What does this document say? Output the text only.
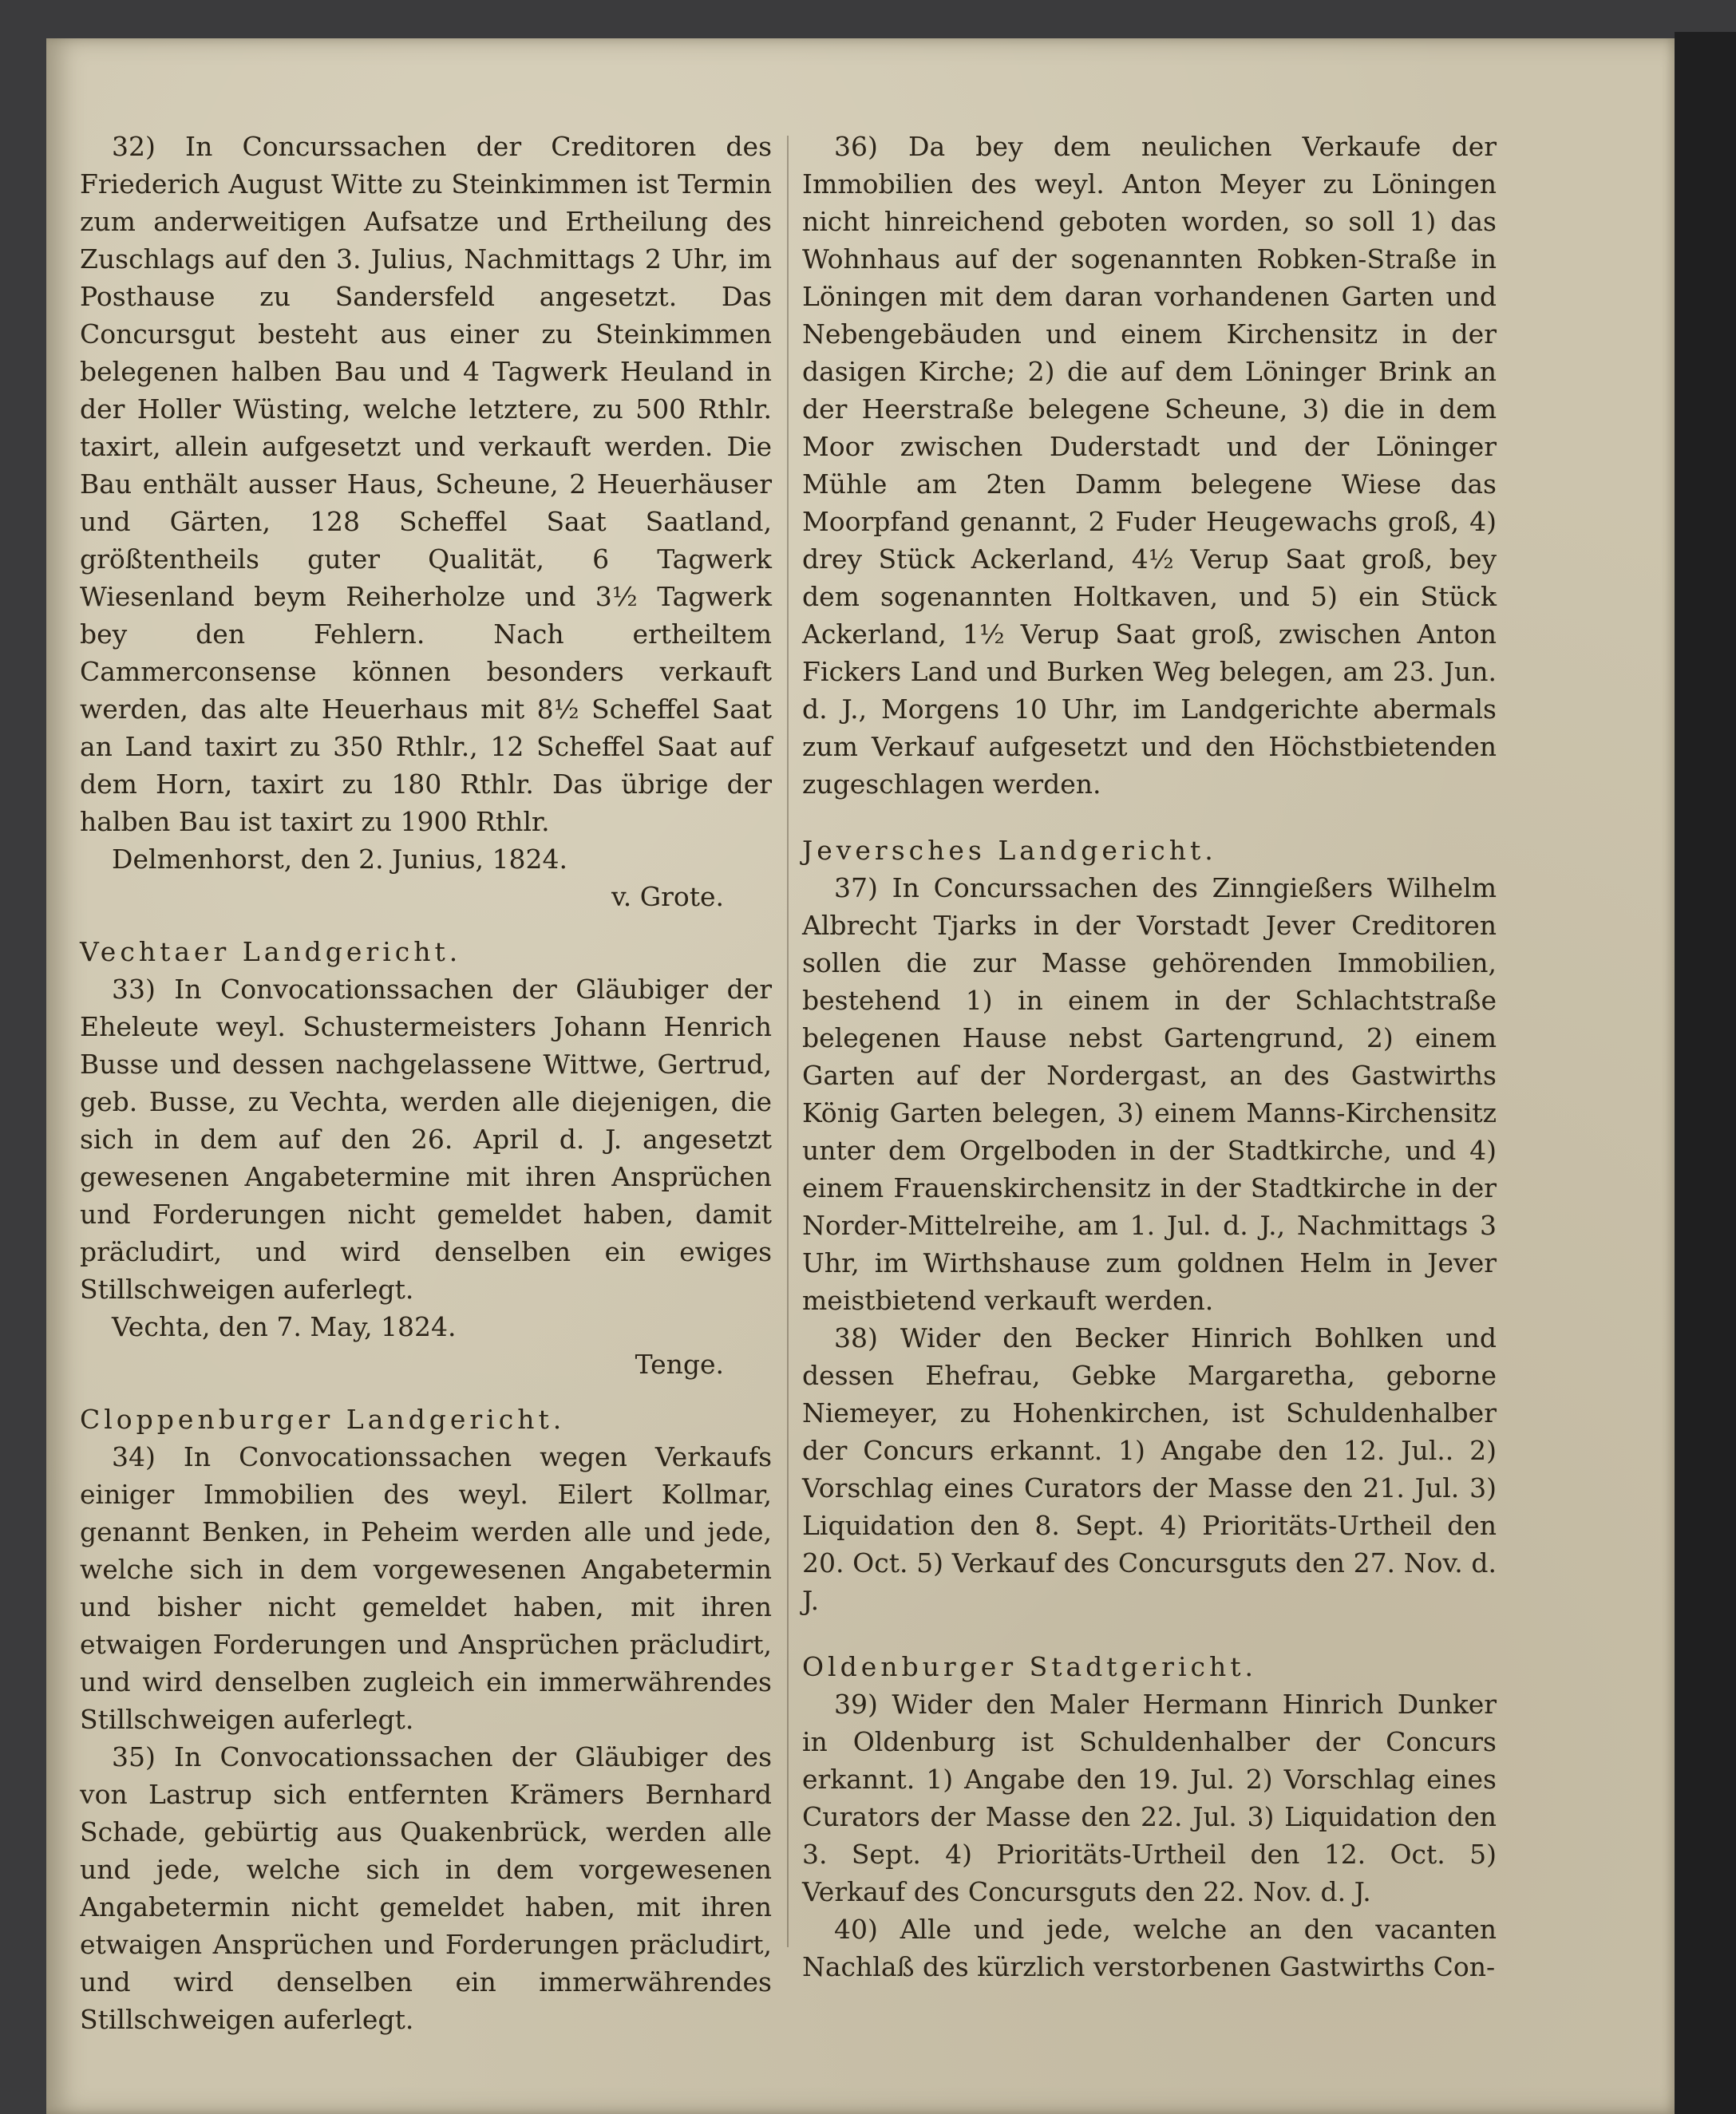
32) In Concurssachen der Creditoren des Friederich August Witte zu Steinkimmen ist Termin zum anderweitigen Aufsatze und Ertheilung des Zuschlags auf den 3. Julius, Nachmittags 2 Uhr, im Posthause zu Sandersfeld angesetzt. Das Concursgut besteht aus einer zu Steinkimmen belegenen halben Bau und 4 Tagwerk Heuland in der Holler Wüsting, welche letztere, zu 500 Rthlr. taxirt, allein aufgesetzt und verkauft werden. Die Bau enthält ausser Haus, Scheune, 2 Heuerhäuser und Gärten, 128 Scheffel Saat Saatland, größtentheils guter Qualität, 6 Tagwerk Wiesenland beym Reiherholze und 3½ Tagwerk bey den Fehlern. Nach ertheiltem Cammerconsense können besonders verkauft werden, das alte Heuerhaus mit 8½ Scheffel Saat an Land taxirt zu 350 Rthlr., 12 Scheffel Saat auf dem Horn, taxirt zu 180 Rthlr. Das übrige der halben Bau ist taxirt zu 1900 Rthlr.

Delmenhorst, den 2. Junius, 1824.

v. Grote.

Vechtaer Landgericht.

33) In Convocationssachen der Gläubiger der Eheleute weyl. Schustermeisters Johann Henrich Busse und dessen nachgelassene Wittwe, Gertrud, geb. Busse, zu Vechta, werden alle diejenigen, die sich in dem auf den 26. April d. J. angesetzt gewesenen Angabetermine mit ihren Ansprüchen und Forderungen nicht gemeldet haben, damit präcludirt, und wird denselben ein ewiges Stillschweigen auferlegt.

Vechta, den 7. May, 1824.

Tenge.

Cloppenburger Landgericht.

34) In Convocationssachen wegen Verkaufs einiger Immobilien des weyl. Eilert Kollmar, genannt Benken, in Peheim werden alle und jede, welche sich in dem vorgewesenen Angabetermin und bisher nicht gemeldet haben, mit ihren etwaigen Forderungen und Ansprüchen präcludirt, und wird denselben zugleich ein immerwährendes Stillschweigen auferlegt.

35) In Convocationssachen der Gläubiger des von Lastrup sich entfernten Krämers Bernhard Schade, gebürtig aus Quakenbrück, werden alle und jede, welche sich in dem vorgewesenen Angabetermin nicht gemeldet haben, mit ihren etwaigen Ansprüchen und Forderungen präcludirt, und wird denselben ein immerwährendes Stillschweigen auferlegt.

36) Da bey dem neulichen Verkaufe der Immobilien des weyl. Anton Meyer zu Löningen nicht hinreichend geboten worden, so soll 1) das Wohnhaus auf der sogenannten Robken-Straße in Löningen mit dem daran vorhandenen Garten und Nebengebäuden und einem Kirchensitz in der dasigen Kirche; 2) die auf dem Löninger Brink an der Heerstraße belegene Scheune, 3) die in dem Moor zwischen Duderstadt und der Löninger Mühle am 2ten Damm belegene Wiese das Moorpfand genannt, 2 Fuder Heugewachs groß, 4) drey Stück Ackerland, 4½ Verup Saat groß, bey dem sogenannten Holtkaven, und 5) ein Stück Ackerland, 1½ Verup Saat groß, zwischen Anton Fickers Land und Burken Weg belegen, am 23. Jun. d. J., Morgens 10 Uhr, im Landgerichte abermals zum Verkauf aufgesetzt und den Höchstbietenden zugeschlagen werden.

Jeversches Landgericht.

37) In Concurssachen des Zinngießers Wilhelm Albrecht Tjarks in der Vorstadt Jever Creditoren sollen die zur Masse gehörenden Immobilien, bestehend 1) in einem in der Schlachtstraße belegenen Hause nebst Gartengrund, 2) einem Garten auf der Nordergast, an des Gastwirths König Garten belegen, 3) einem Manns-Kirchensitz unter dem Orgelboden in der Stadtkirche, und 4) einem Frauenskirchensitz in der Stadtkirche in der Norder-Mittelreihe, am 1. Jul. d. J., Nachmittags 3 Uhr, im Wirthshause zum goldnen Helm in Jever meistbietend verkauft werden.

38) Wider den Becker Hinrich Bohlken und dessen Ehefrau, Gebke Margaretha, geborne Niemeyer, zu Hohenkirchen, ist Schuldenhalber der Concurs erkannt. 1) Angabe den 12. Jul.. 2) Vorschlag eines Curators der Masse den 21. Jul. 3) Liquidation den 8. Sept. 4) Prioritäts-Urtheil den 20. Oct. 5) Verkauf des Concursguts den 27. Nov. d. J.

Oldenburger Stadtgericht.

39) Wider den Maler Hermann Hinrich Dunker in Oldenburg ist Schuldenhalber der Concurs erkannt. 1) Angabe den 19. Jul. 2) Vorschlag eines Curators der Masse den 22. Jul. 3) Liquidation den 3. Sept. 4) Prioritäts-Urtheil den 12. Oct. 5) Verkauf des Concursguts den 22. Nov. d. J.

40) Alle und jede, welche an den vacanten Nachlaß des kürzlich verstorbenen Gastwirths Con-
